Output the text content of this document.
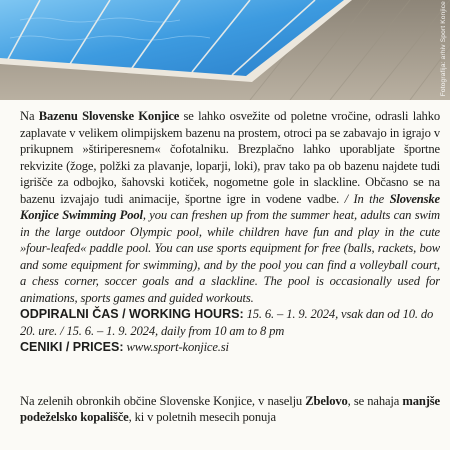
Fotografija: arhiv Sport Konjice

Na Bazenu Slovenske Konjice se lahko osvežite od poletne vročine, odrasli lahko zaplavate v velikem olimpijskem bazenu na prostem, otroci pa se zabavajo in igrajo v prikupnem »štiriperesnem« čofotalniku. Brezplačno lahko uporabljate športne rekvizite (žoge, polžki za plavanje, loparji, loki), prav tako pa ob bazenu najdete tudi igrišče za odbojko, šahovski kotiček, nogometne gole in slackline. Občasno se na bazenu izvajajo tudi animacije, športne igre in vodene vadbe. / In the Slovenske Konjice Swimming Pool, you can freshen up from the summer heat, adults can swim in the large outdoor Olympic pool, while children have fun and play in the cute »four-leafed« paddle pool. You can use sports equipment for free (balls, rackets, bow and some equipment for swimming), and by the pool you can find a volleyball court, a chess corner, soccer goals and a slackline. The pool is occasionally used for animations, sports games and guided workouts.

ODPIRALNI ČAS / WORKING HOURS: 15. 6. – 1. 9. 2024, vsak dan od 10. do 20. ure. / 15. 6. – 1. 9. 2024, daily from 10 am to 8 pm

CENIKI / PRICES: www.sport-konjice.si

Na zelenih obronkih občine Slovenske Konjice, v naselju Zbelovo, se nahaja manjše podeželsko kopališče, ki v poletnih mesecih ponuja
